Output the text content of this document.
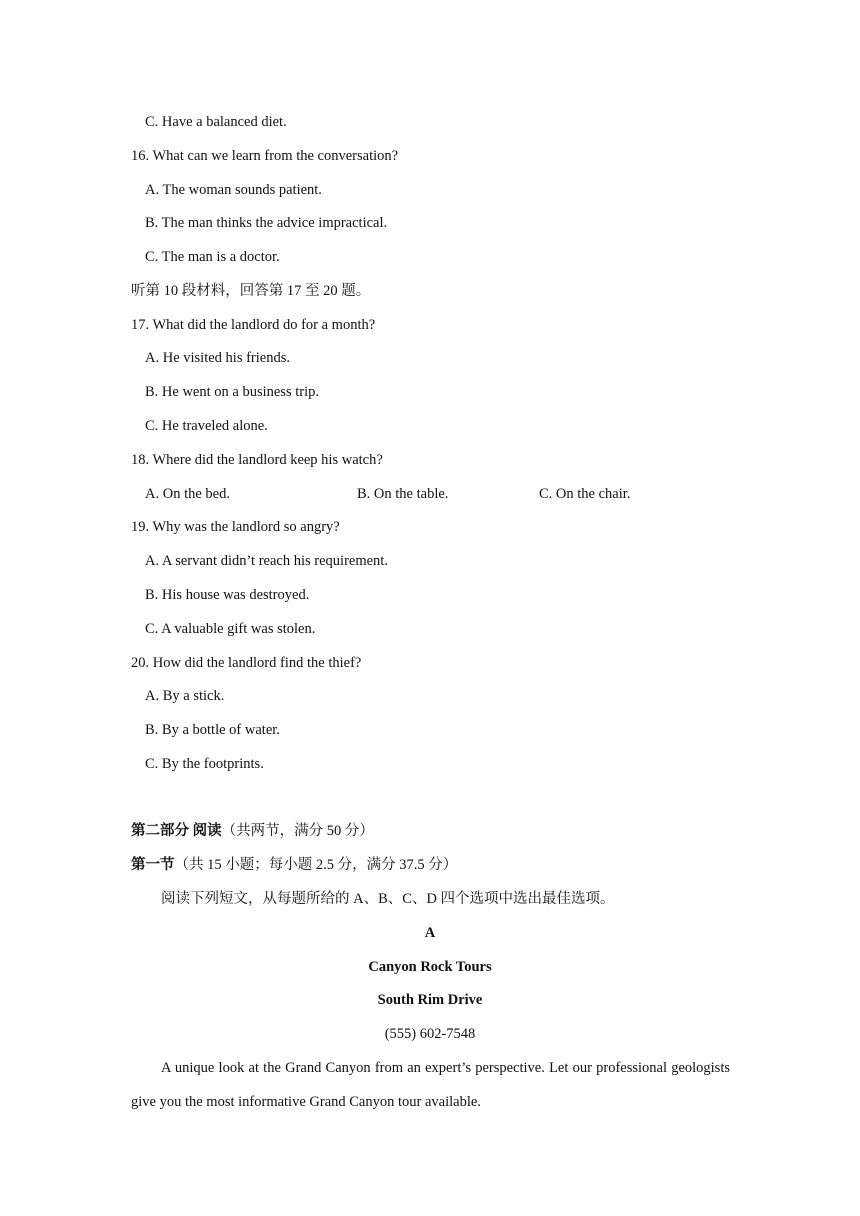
C. Have a balanced diet.
16. What can we learn from the conversation?
A. The woman sounds patient.
B. The man thinks the advice impractical.
C. The man is a doctor.
听第 10 段材料，回答第 17 至 20 题。
17. What did the landlord do for a month?
A. He visited his friends.
B. He went on a business trip.
C. He traveled alone.
18. Where did the landlord keep his watch?
A. On the bed.	B. On the table.	C. On the chair.
19. Why was the landlord so angry?
A. A servant didn’t reach his requirement.
B. His house was destroyed.
C. A valuable gift was stolen.
20. How did the landlord find the thief?
A. By a stick.
B. By a bottle of water.
C. By the footprints.
第二部分 阅读（共两节，满分 50 分）
第一节（共 15 小题；每小题 2.5 分，满分 37.5 分）
阅读下列短文，从每题所给的 A、B、C、D 四个选项中选出最佳选项。
A
Canyon Rock Tours
South Rim Drive
(555) 602-7548
A unique look at the Grand Canyon from an expert’s perspective. Let our professional geologists give you the most informative Grand Canyon tour available.
